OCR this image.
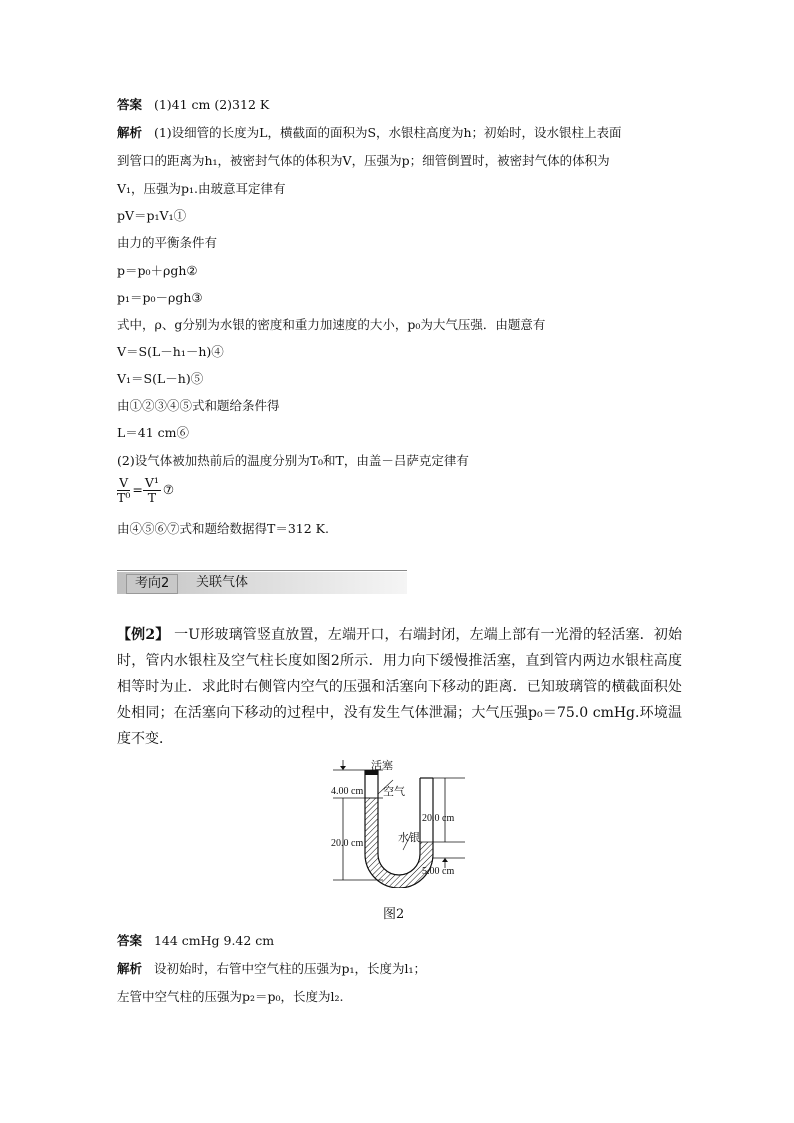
答案 (1)41 cm (2)312 K
解析 (1)设细管的长度为L，横截面的面积为S，水银柱高度为h；初始时，设水银柱上表面
到管口的距离为h₁，被密封气体的体积为V，压强为p；细管倒置时，被密封气体的体积为
V₁，压强为p₁.由玻意耳定律有
pV＝p₁V₁①
由力的平衡条件有
p＝p₀＋ρgh②
p₁＝p₀－ρgh③
式中，ρ、g分别为水银的密度和重力加速度的大小，p₀为大气压强．由题意有
V＝S(L－h₁－h)④
V₁＝S(L－h)⑤
由①②③④⑤式和题给条件得
L＝41 cm⑥
(2)设气体被加热前后的温度分别为T₀和T，由盖－吕萨克定律有
$\frac{V}{\text{T⁰}} = \frac{\text{V¹}}{T}$ ⑦
由④⑤⑥⑦式和题给数据得T＝312 K.
考向2	关联气体
【例2】 一U形玻璃管竖直放置，左端开口，右端封闭，左端上部有一光滑的轻活塞．初始时，管内水银柱及空气柱长度如图2所示．用力向下缓慢推活塞，直到管内两边水银柱高度相等时为止．求此时右侧管内空气的压强和活塞向下移动的距离．已知玻璃管的横截面积处处相同；在活塞向下移动的过程中，没有发生气体泄漏；大气压强p₀＝75.0 cmHg.环境温度不变．
活塞
空气
水银
4.00 cm
20.0 cm
20.0 cm
5.00 cm
图2
答案 144 cmHg 9.42 cm
解析 设初始时，右管中空气柱的压强为p₁，长度为l₁；
左管中空气柱的压强为p₂＝p₀，长度为l₂.
